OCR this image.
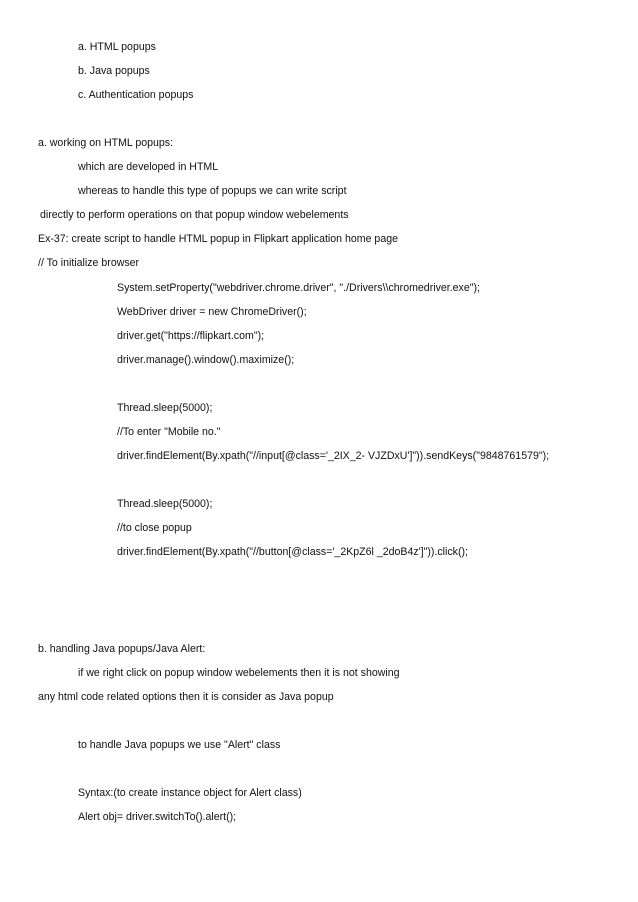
a. HTML popups
b. Java popups
c. Authentication popups
a. working on HTML popups:
which are developed in HTML
whereas to handle this type of popups we can write script
directly to perform operations on that popup window webelements
Ex-37: create script to handle HTML popup in Flipkart application home page
// To initialize browser
System.setProperty("webdriver.chrome.driver", "./Drivers\\chromedriver.exe");
WebDriver driver = new ChromeDriver();
driver.get("https://flipkart.com");
driver.manage().window().maximize();
Thread.sleep(5000);
//To enter "Mobile no."
driver.findElement(By.xpath("//input[@class='_2IX_2- VJZDxU']")).sendKeys("9848761579");
Thread.sleep(5000);
//to close popup
driver.findElement(By.xpath("//button[@class='_2KpZ6l _2doB4z']")).click();
b. handling Java popups/Java Alert:
if we right click on popup window webelements then it is not showing
any html code related options then it is consider as Java popup
to handle Java popups we use "Alert" class
Syntax:(to create instance object for Alert class)
Alert obj= driver.switchTo().alert();
